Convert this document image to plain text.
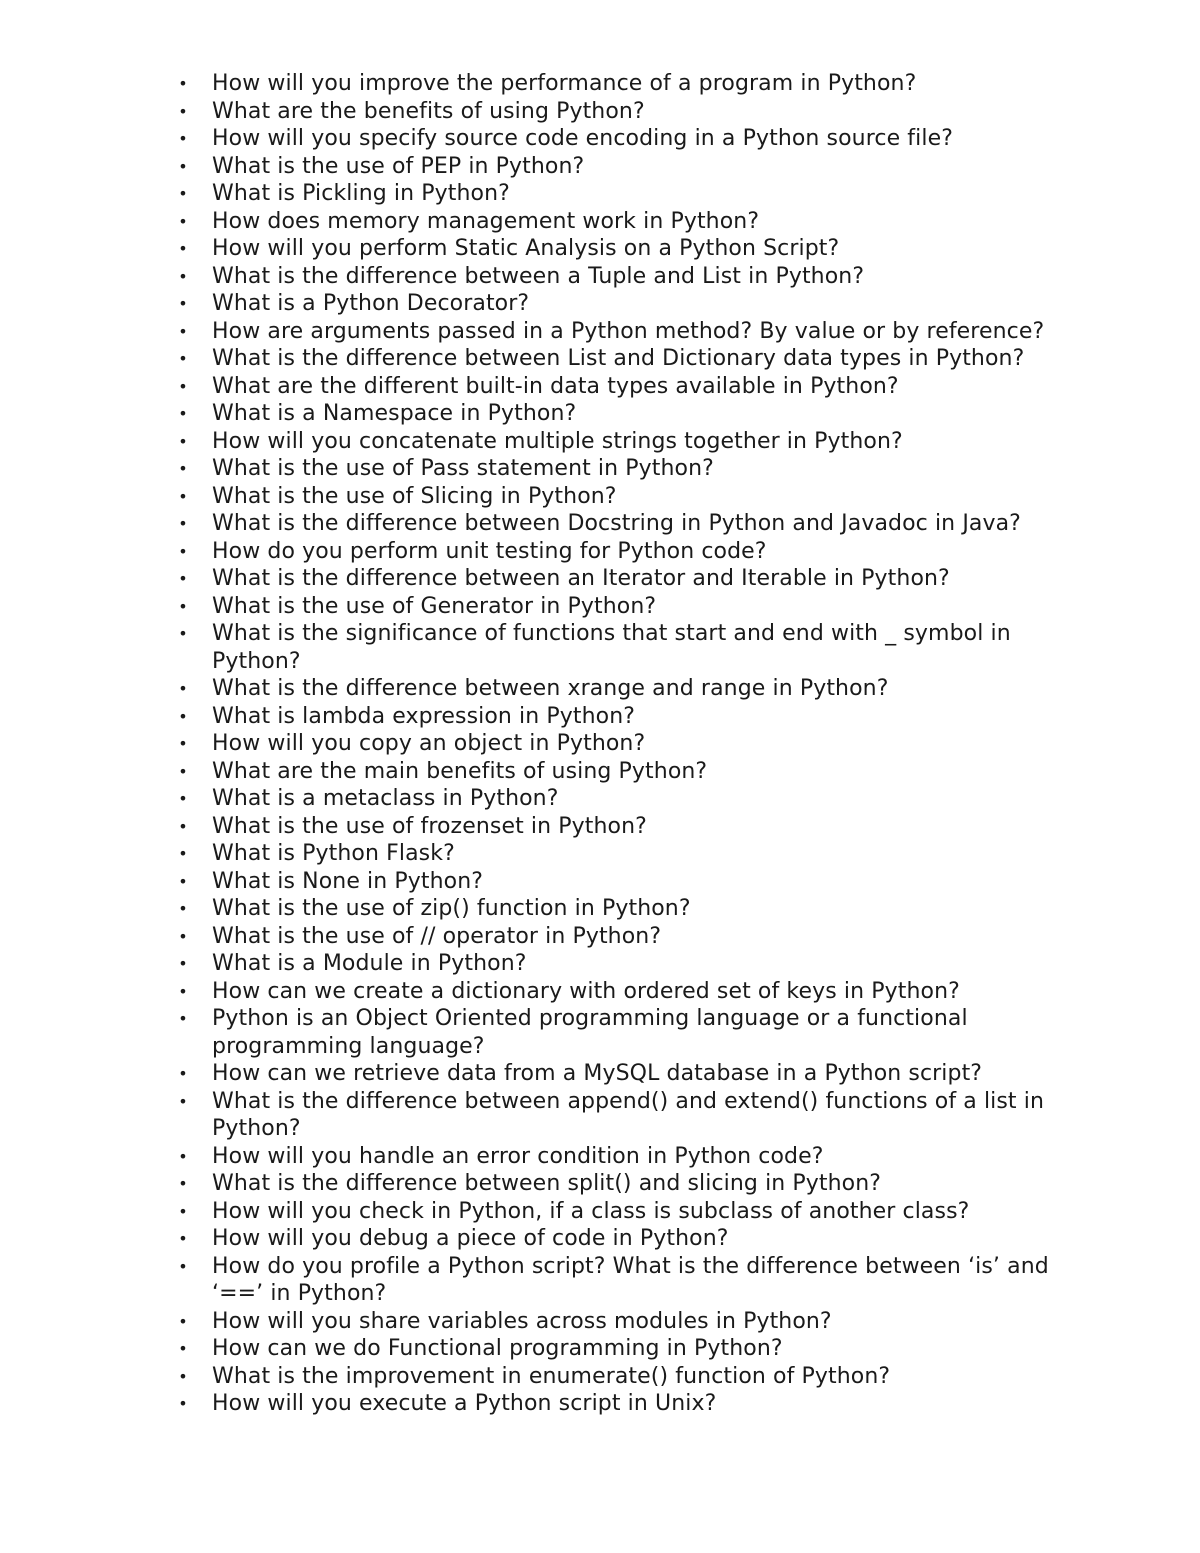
• How will you improve the performance of a program in Python?
• What are the benefits of using Python?
• How will you specify source code encoding in a Python source file?
• What is the use of PEP in Python?
• What is Pickling in Python?
• How does memory management work in Python?
• How will you perform Static Analysis on a Python Script?
• What is the difference between a Tuple and List in Python?
• What is a Python Decorator?
• How are arguments passed in a Python method? By value or by reference?
• What is the difference between List and Dictionary data types in Python?
• What are the different built-in data types available in Python?
• What is a Namespace in Python?
• How will you concatenate multiple strings together in Python?
• What is the use of Pass statement in Python?
• What is the use of Slicing in Python?
• What is the difference between Docstring in Python and Javadoc in Java?
• How do you perform unit testing for Python code?
• What is the difference between an Iterator and Iterable in Python?
• What is the use of Generator in Python?
• What is the significance of functions that start and end with _ symbol in Python?
• What is the difference between xrange and range in Python?
• What is lambda expression in Python?
• How will you copy an object in Python?
• What are the main benefits of using Python?
• What is a metaclass in Python?
• What is the use of frozenset in Python?
• What is Python Flask?
• What is None in Python?
• What is the use of zip() function in Python?
• What is the use of // operator in Python?
• What is a Module in Python?
• How can we create a dictionary with ordered set of keys in Python?
• Python is an Object Oriented programming language or a functional programming language?
• How can we retrieve data from a MySQL database in a Python script?
• What is the difference between append() and extend() functions of a list in Python?
• How will you handle an error condition in Python code?
• What is the difference between split() and slicing in Python?
• How will you check in Python, if a class is subclass of another class?
• How will you debug a piece of code in Python?
• How do you profile a Python script? What is the difference between ‘is’ and ‘==’ in Python?
• How will you share variables across modules in Python?
• How can we do Functional programming in Python?
• What is the improvement in enumerate() function of Python?
• How will you execute a Python script in Unix?
